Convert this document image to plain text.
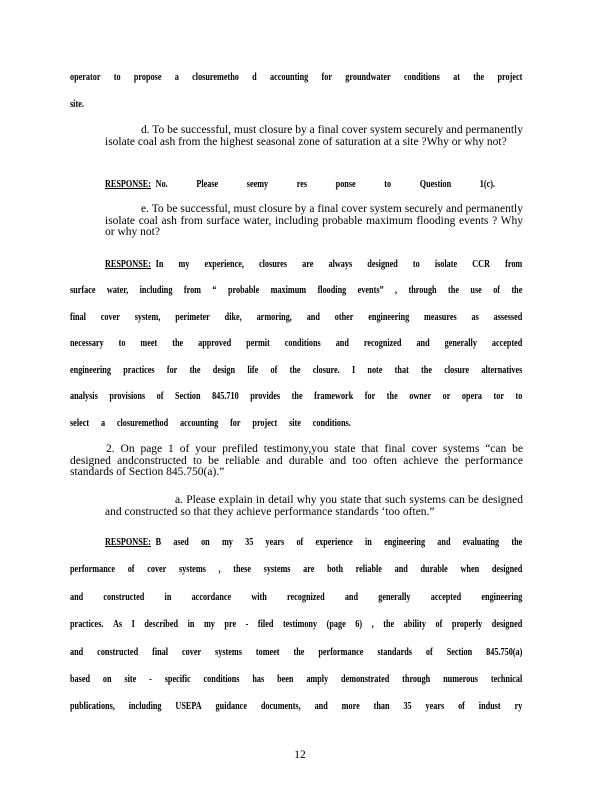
operator to propose a closuremetho d accounting for groundwater conditions at the project
site.
d. To be successful, must closure by a final cover system securely and permanently isolate coal ash from the highest seasonal zone of saturation at a site ?Why or why not?
RESPONSE: No.	Please	seemy	res	ponse	to	Question	1(c).
e. To be successful, must closure by a final cover system securely and permanently isolate coal ash from surface water, including probable maximum flooding events ? Why or why not?
RESPONSE: In my experience, closures are always designed to isolate CCR from
surface water, including from “ probable maximum flooding events” , through the use of the
final cover system, perimeter dike, armoring, and other engineering measures as assessed
necessary to meet the approved permit conditions and recognized and generally accepted
engineering practices for the design life of the closure. I note that the closure alternatives
analysis provisions of Section 845.710 provides the framework for the owner or opera tor to
select a closuremethod accounting for project site conditions.
2. On page 1 of your prefiled testimony,you state that final cover systems “can be designed andconstructed to be reliable and durable and too often achieve the performance standards of Section 845.750(a).”
a. Please explain in detail why you state that such systems can be designed and constructed so that they achieve performance standards ‘too often.”
RESPONSE: B ased on my 35 years of experience in engineering and evaluating the
performance of cover systems , these systems are both reliable and durable when designed
and constructed in accordance with recognized and generally accepted engineering
practices. As I described in my pre - filed testimony (page 6) , the ability of properly designed
and constructed final cover systems tomeet the performance standards of Section 845.750(a)
based on site - specific conditions has been amply demonstrated through numerous technical
publications, including USEPA guidance documents, and more than 35 years of indust ry
12
